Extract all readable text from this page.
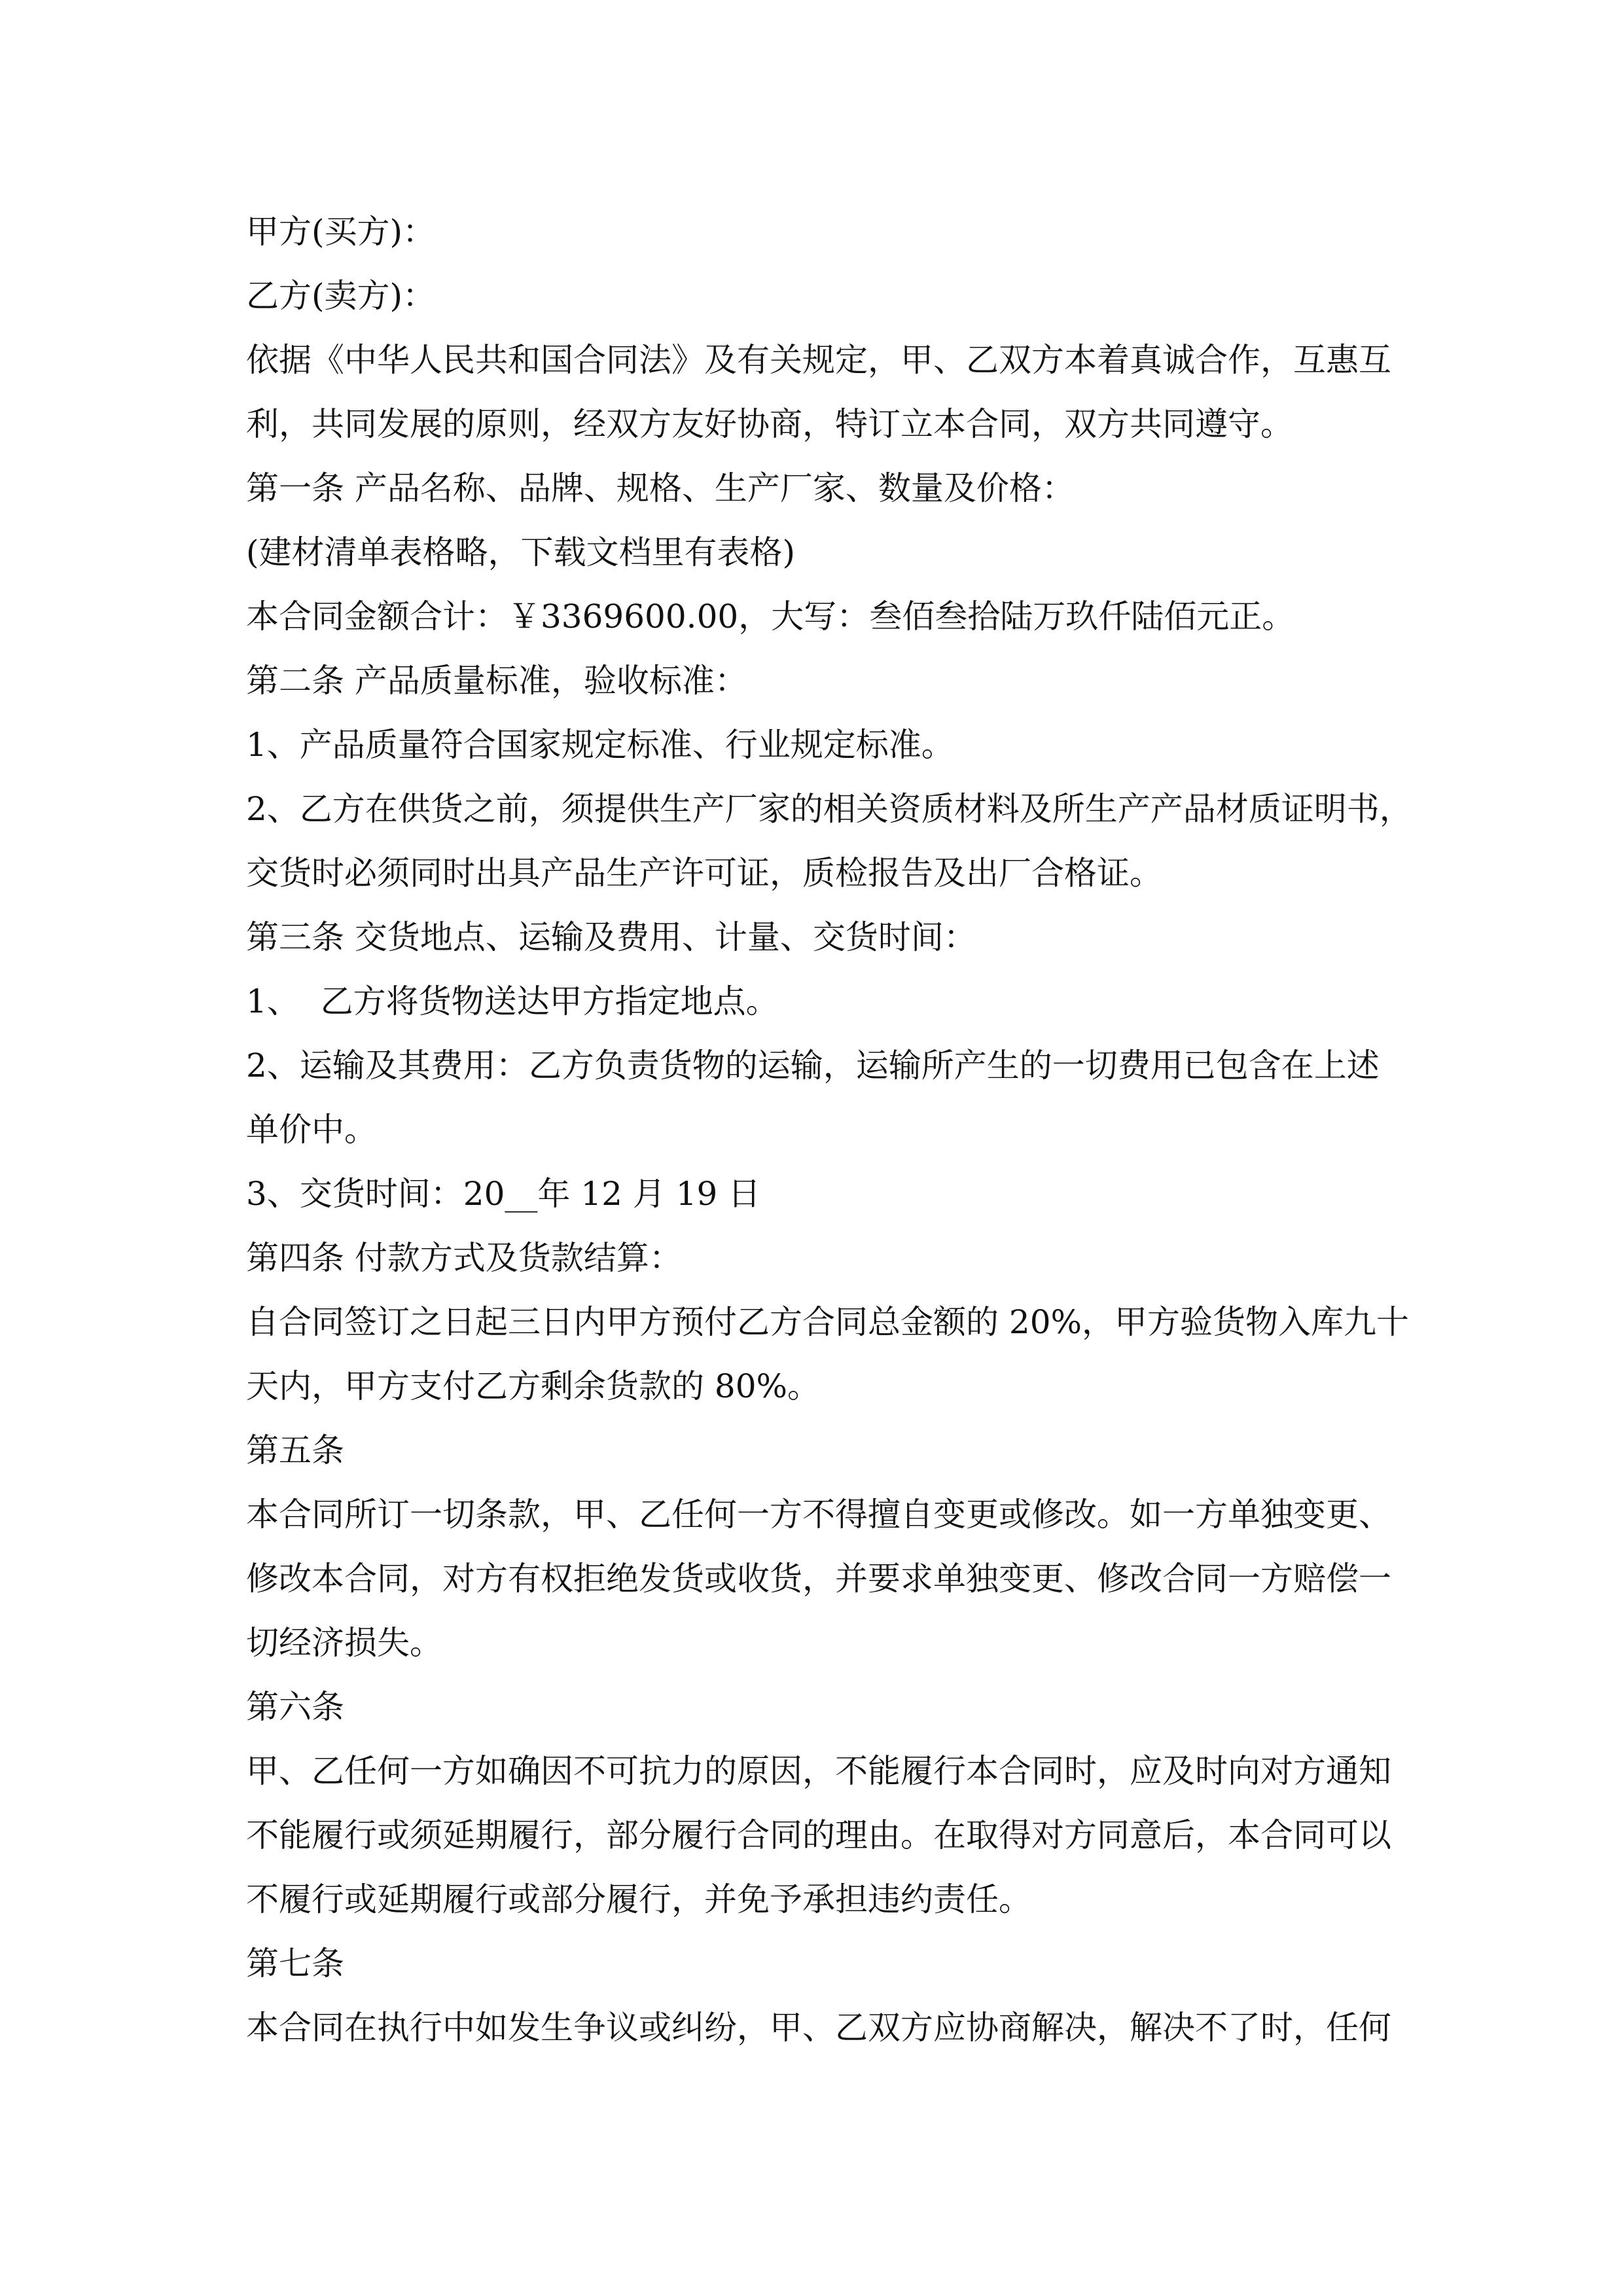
甲方(买方)：

乙方(卖方)：

依据《中华人民共和国合同法》及有关规定，甲、乙双方本着真诚合作，互惠互

利，共同发展的原则，经双方友好协商，特订立本合同，双方共同遵守。

第一条 产品名称、品牌、规格、生产厂家、数量及价格：

(建材清单表格略，下载文档里有表格)

本合同金额合计：￥3369600.00，大写：叁佰叁拾陆万玖仟陆佰元正。

第二条 产品质量标准，验收标准：

1、产品质量符合国家规定标准、行业规定标准。

2、乙方在供货之前，须提供生产厂家的相关资质材料及所生产产品材质证明书，

交货时必须同时出具产品生产许可证，质检报告及出厂合格证。

第三条 交货地点、运输及费用、计量、交货时间：

1、  乙方将货物送达甲方指定地点。

2、运输及其费用：乙方负责货物的运输，运输所产生的一切费用已包含在上述

单价中。

3、交货时间：20__年 12 月 19 日

第四条 付款方式及货款结算：

自合同签订之日起三日内甲方预付乙方合同总金额的 20%，甲方验货物入库九十

天内，甲方支付乙方剩余货款的 80%。

第五条

本合同所订一切条款，甲、乙任何一方不得擅自变更或修改。如一方单独变更、

修改本合同，对方有权拒绝发货或收货，并要求单独变更、修改合同一方赔偿一

切经济损失。

第六条

甲、乙任何一方如确因不可抗力的原因，不能履行本合同时，应及时向对方通知

不能履行或须延期履行，部分履行合同的理由。在取得对方同意后，本合同可以

不履行或延期履行或部分履行，并免予承担违约责任。

第七条

本合同在执行中如发生争议或纠纷，甲、乙双方应协商解决，解决不了时，任何
